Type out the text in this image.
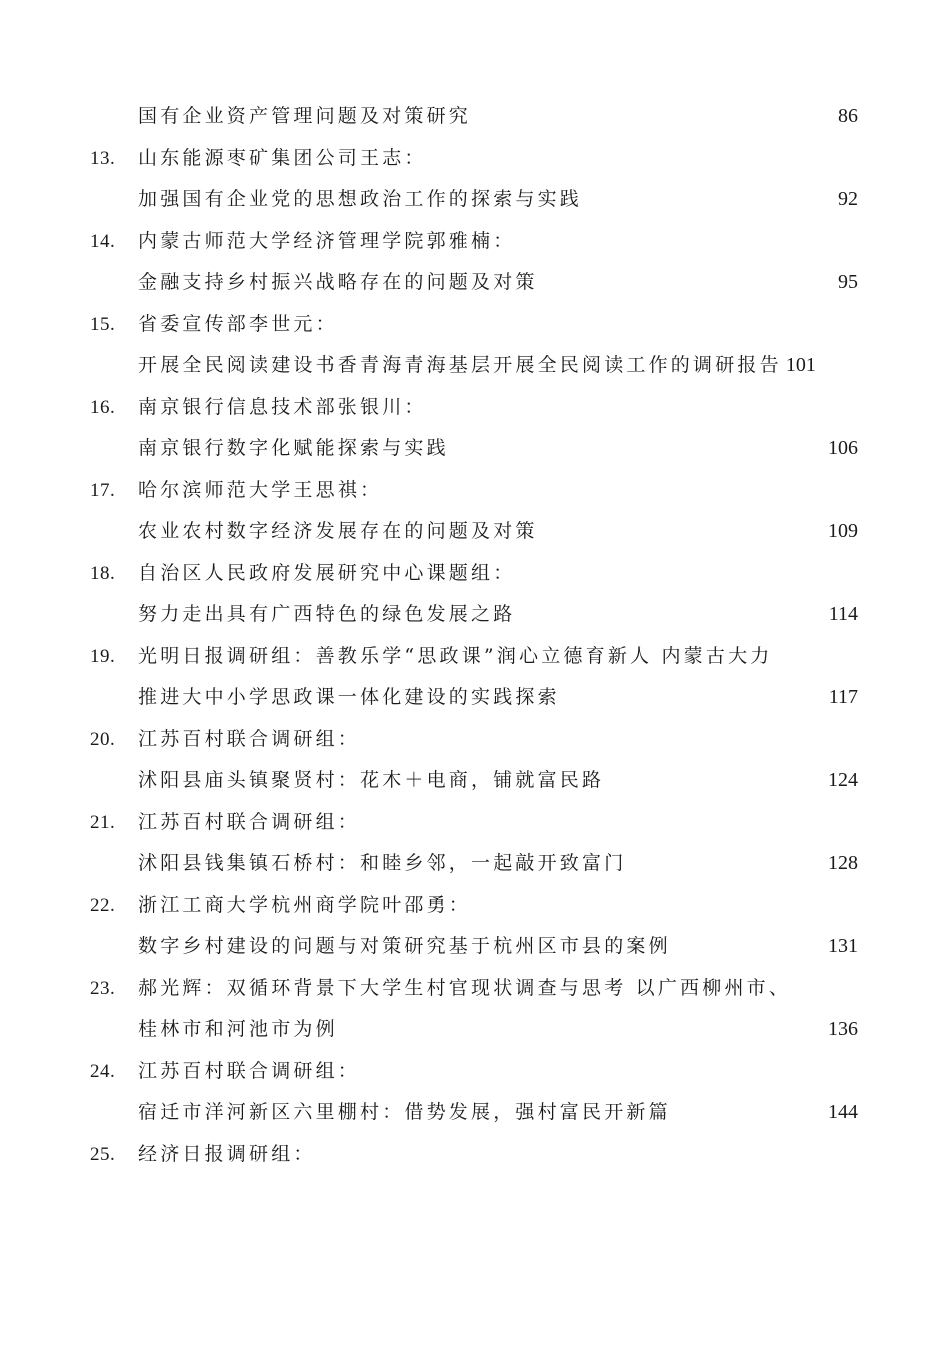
国有企业资产管理问题及对策研究	86
13. 山东能源枣矿集团公司王志：
加强国有企业党的思想政治工作的探索与实践	92
14. 内蒙古师范大学经济管理学院郭雅楠：
金融支持乡村振兴战略存在的问题及对策	95
15. 省委宣传部李世元：
开展全民阅读建设书香青海青海基层开展全民阅读工作的调研报告 101
16. 南京银行信息技术部张银川：
南京银行数字化赋能探索与实践	106
17. 哈尔滨师范大学王思祺：
农业农村数字经济发展存在的问题及对策	109
18. 自治区人民政府发展研究中心课题组：
努力走出具有广西特色的绿色发展之路	114
19. 光明日报调研组：善教乐学“思政课”润心立德育新人 内蒙古大力
推进大中小学思政课一体化建设的实践探索	117
20. 江苏百村联合调研组：
沭阳县庙头镇聚贤村：花木＋电商，铺就富民路	124
21. 江苏百村联合调研组：
沭阳县钱集镇石桥村：和睦乡邻，一起敲开致富门	128
22. 浙江工商大学杭州商学院叶邵勇：
数字乡村建设的问题与对策研究基于杭州区市县的案例	131
23. 郝光辉：双循环背景下大学生村官现状调查与思考 以广西柳州市、
桂林市和河池市为例	136
24. 江苏百村联合调研组：
宿迁市洋河新区六里棚村：借势发展，强村富民开新篇	144
25. 经济日报调研组：
